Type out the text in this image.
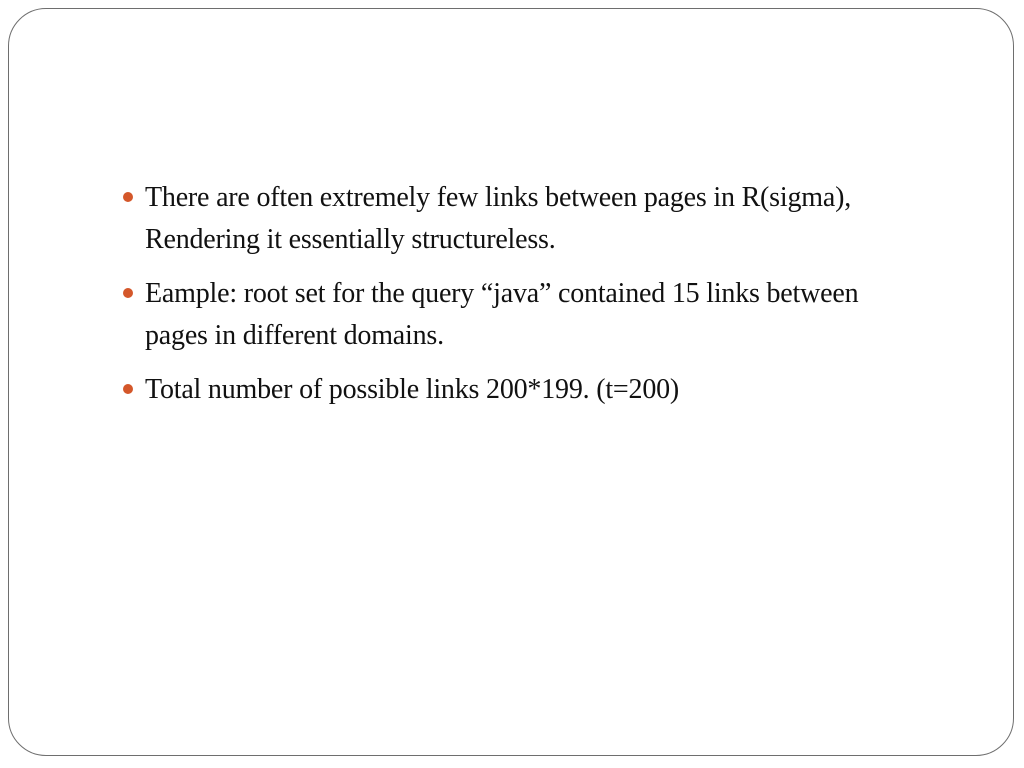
There are often extremely few links between pages in R(sigma), Rendering it essentially structureless.
Eample: root set for the query “java” contained 15 links between pages in different domains.
Total number of possible links 200*199. (t=200)
